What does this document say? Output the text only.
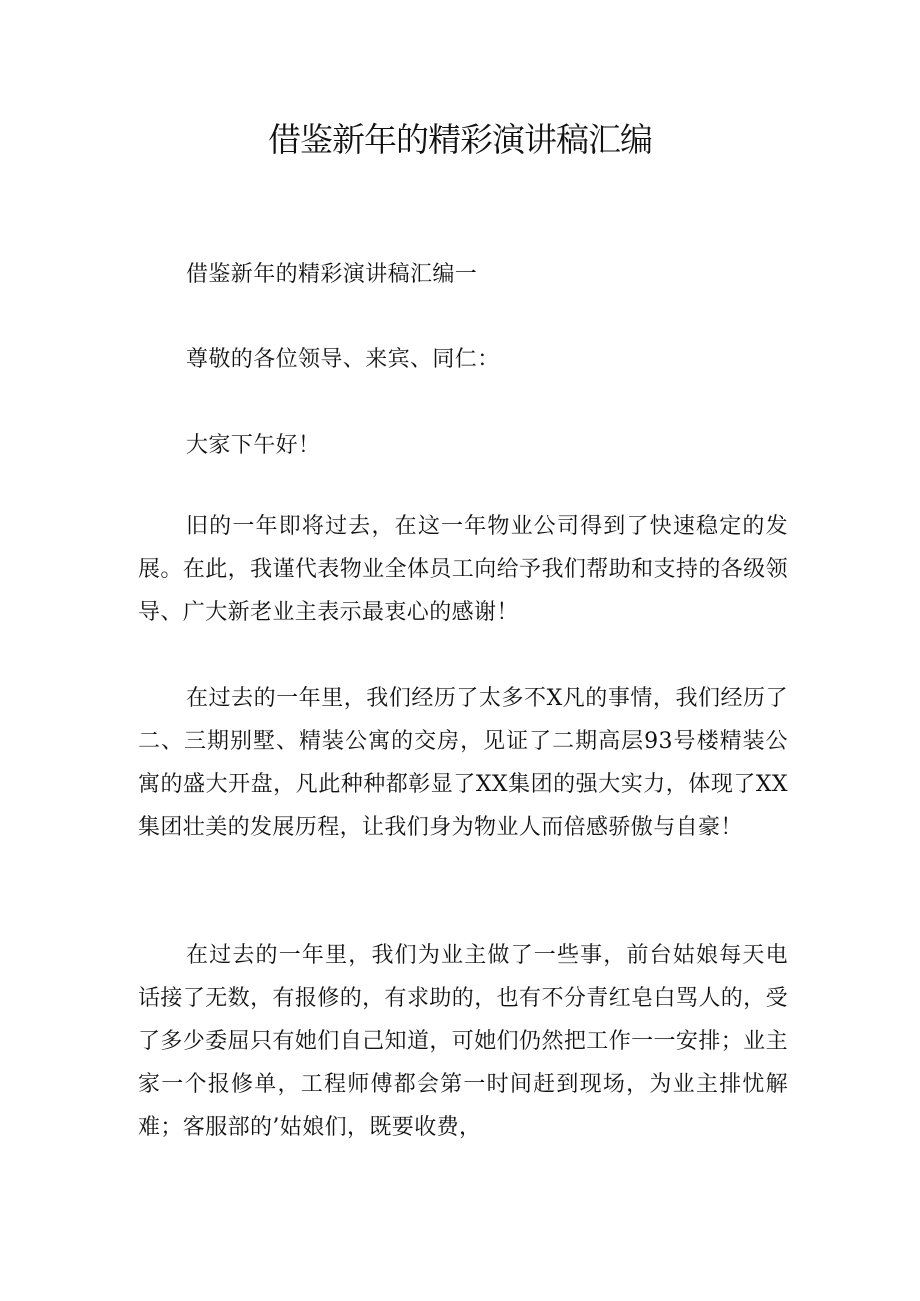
借鉴新年的精彩演讲稿汇编

借鉴新年的精彩演讲稿汇编一

尊敬的各位领导、来宾、同仁：

大家下午好！

旧的一年即将过去，在这一年物业公司得到了快速稳定的发展。在此，我谨代表物业全体员工向给予我们帮助和支持的各级领导、广大新老业主表示最衷心的感谢！

在过去的一年里，我们经历了太多不X凡的事情，我们经历了二、三期别墅、精装公寓的交房，见证了二期高层93号楼精装公寓的盛大开盘，凡此种种都彰显了XX集团的强大实力，体现了XX集团壮美的发展历程，让我们身为物业人而倍感骄傲与自豪！

在过去的一年里，我们为业主做了一些事，前台姑娘每天电话接了无数，有报修的，有求助的，也有不分青红皂白骂人的，受了多少委屈只有她们自己知道，可她们仍然把工作一一安排；业主家一个报修单，工程师傅都会第一时间赶到现场，为业主排忧解难；客服部的’姑娘们，既要收费，
